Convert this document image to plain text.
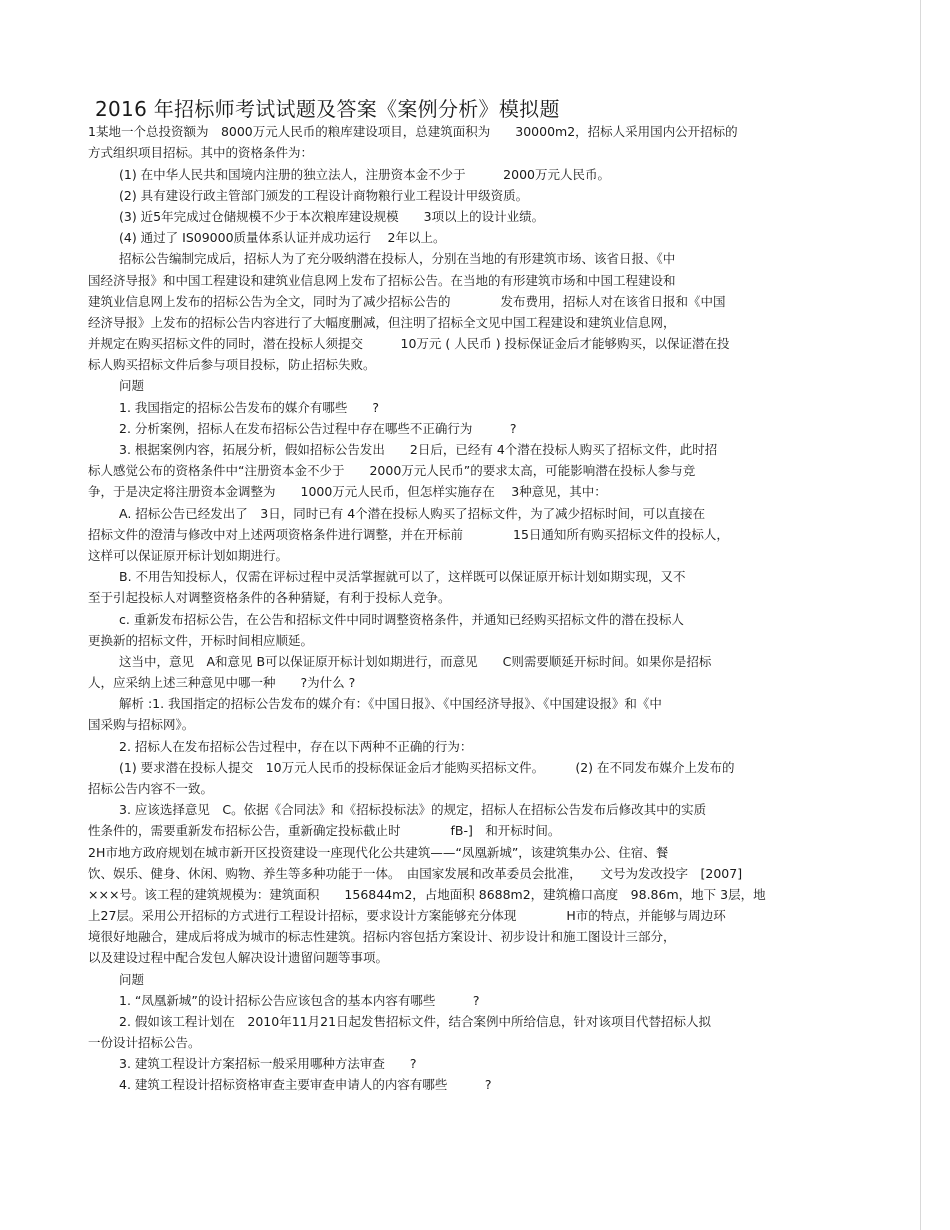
2016 年招标师考试试题及答案《案例分析》模拟题
1某地一个总投资额为　8000万元人民币的粮库建设项目，总建筑面积为　　30000m2，招标人采用国内公开招标的
方式组织项目招标。其中的资格条件为：
(1) 在中华人民共和国境内注册的独立法人，注册资本金不少于　　　2000万元人民币。
(2) 具有建设行政主管部门颁发的工程设计商物粮行业工程设计甲级资质。
(3) 近5年完成过仓储规模不少于本次粮库建设规模　　3项以上的设计业绩。
(4) 通过了 IS09000质量体系认证并成功运行　 2年以上。
招标公告编制完成后，招标人为了充分吸纳潜在投标人，分别在当地的有形建筑市场、该省日报、《中
国经济导报》和中国工程建设和建筑业信息网上发布了招标公告。在当地的有形建筑市场和中国工程建设和
建筑业信息网上发布的招标公告为全文，同时为了减少招标公告的　　　　发布费用，招标人对在该省日报和《中国
经济导报》上发布的招标公告内容进行了大幅度删减，但注明了招标全文见中国工程建设和建筑业信息网，
并规定在购买招标文件的同时，潜在投标人须提交　　　10万元 ( 人民币 ) 投标保证金后才能够购买，以保证潜在投
标人购买招标文件后参与项目投标，防止招标失败。
问题
1. 我国指定的招标公告发布的媒介有哪些　　?
2. 分析案例，招标人在发布招标公告过程中存在哪些不正确行为　　　?
3. 根据案例内容，拓展分析，假如招标公告发出　　2日后，已经有 4个潜在投标人购买了招标文件，此时招
标人感觉公布的资格条件中“注册资本金不少于　　2000万元人民币”的要求太高，可能影响潜在投标人参与竞
争，于是决定将注册资本金调整为　　1000万元人民币，但怎样实施存在　 3种意见，其中：
A. 招标公告已经发出了　3日，同时已有 4个潜在投标人购买了招标文件，为了减少招标时间，可以直接在
招标文件的澄清与修改中对上述两项资格条件进行调整，并在开标前　　　　15日通知所有购买招标文件的投标人，
这样可以保证原开标计划如期进行。
B. 不用告知投标人，仅需在评标过程中灵活掌握就可以了，这样既可以保证原开标计划如期实现，又不
至于引起投标人对调整资格条件的各种猜疑，有利于投标人竞争。
c. 重新发布招标公告，在公告和招标文件中同时调整资格条件，并通知已经购买招标文件的潜在投标人
更换新的招标文件，开标时间相应顺延。
这当中，意见　A和意见 B可以保证原开标计划如期进行，而意见　　C则需要顺延开标时间。如果你是招标
人，应采纳上述三种意见中哪一种　　?为什么 ?
解析 :1. 我国指定的招标公告发布的媒介有：《中国日报》、《中国经济导报》、《中国建设报》和《中
国采购与招标网》。
2. 招标人在发布招标公告过程中，存在以下两种不正确的行为：
(1) 要求潜在投标人提交　10万元人民币的投标保证金后才能购买招标文件。　　　(2) 在不同发布媒介上发布的
招标公告内容不一致。
3. 应该选择意见　C。依据《合同法》和《招标投标法》的规定，招标人在招标公告发布后修改其中的实质
性条件的，需要重新发布招标公告，重新确定投标截止时　　　　fB-]　和开标时间。
2H市地方政府规划在城市新开区投资建设一座现代化公共建筑——“凤凰新城”，该建筑集办公、住宿、餐
饮、娱乐、健身、休闲、购物、养生等多种功能于一体。　由国家发展和改革委员会批准，　　文号为发改投字　[2007]
×××号。该工程的建筑规模为：建筑面积　　156844m2，占地面积 8688m2，建筑檐口高度　98.86m，地下 3层，地
上27层。采用公开招标的方式进行工程设计招标，要求设计方案能够充分体现　　　　H市的特点，并能够与周边环
境很好地融合，建成后将成为城市的标志性建筑。招标内容包括方案设计、初步设计和施工图设计三部分，
以及建设过程中配合发包人解决设计遗留问题等事项。
问题
1. “凤凰新城”的设计招标公告应该包含的基本内容有哪些　　　?
2. 假如该工程计划在　2010年11月21日起发售招标文件，结合案例中所给信息，针对该项目代替招标人拟
一份设计招标公告。
3. 建筑工程设计方案招标一般采用哪种方法审查　　?
4. 建筑工程设计招标资格审查主要审查申请人的内容有哪些　　　?
